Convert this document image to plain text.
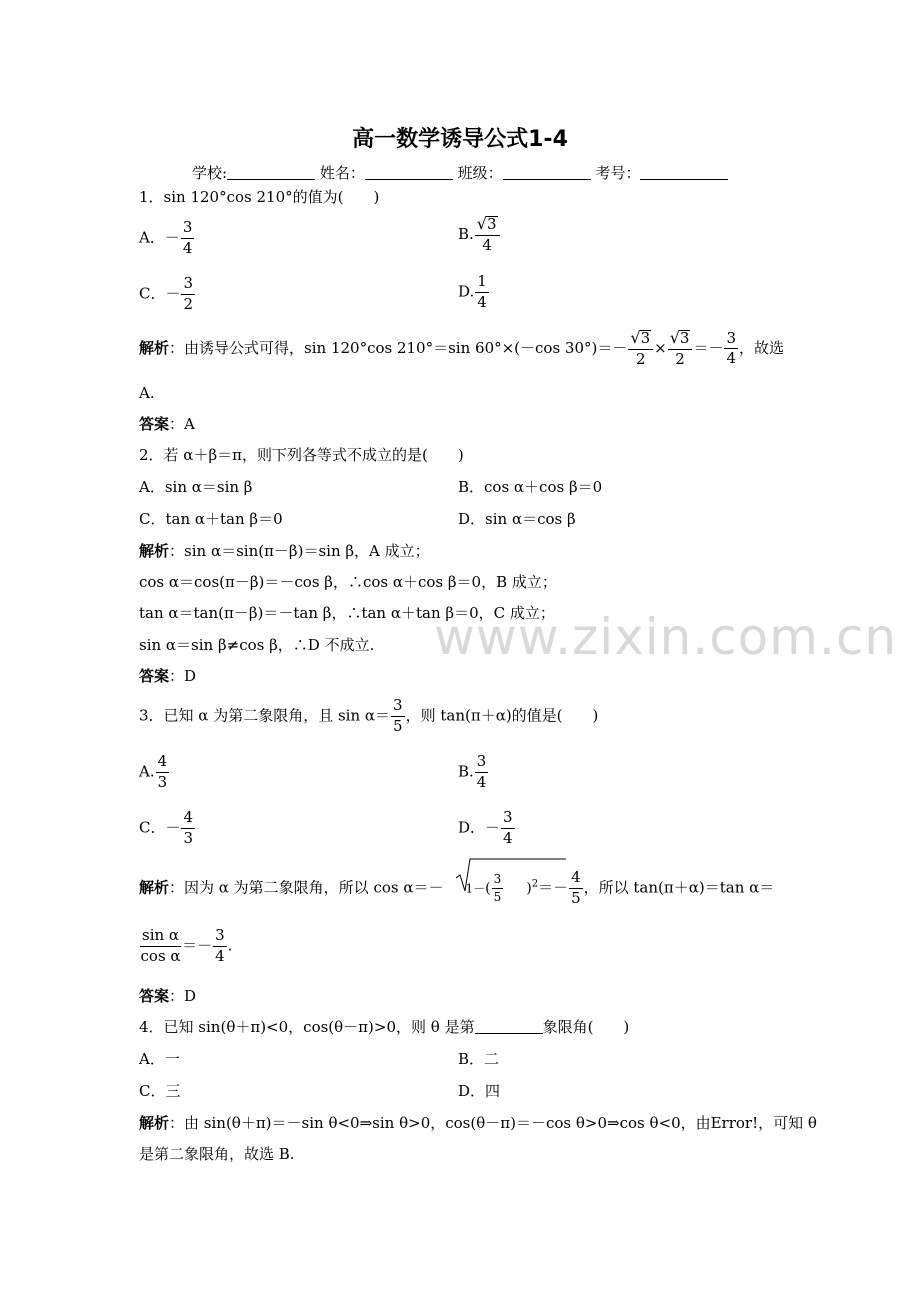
高一数学诱导公式1-4
学校:	姓名：	班级：	考号：
1．sin 120°cos 210°的值为(　　)
A．－ $\frac{3}{4}$	B. $\frac{√ 3}{4}$
C．－ $\frac{3}{2}$	D. $\frac{1}{4}$
解析：由诱导公式可得，sin 120°cos 210°＝sin 60°×(－cos $30^\circ)=- \frac{√ 3}{2} \times \frac{√ 3}{2} =- \frac{3}{4}$ ，故选
A.
答案：A
2．若 α＋β＝π，则下列各等式不成立的是(　　)
A．sin α＝sin β	B．cos α＋cos β＝0
C．tan α＋tan β＝0	D．sin α＝cos β
解析：sin α＝sin(π－β)＝sin β，A 成立；
cos α＝cos(π－β)＝－cos β，∴cos α＋cos β＝0，B 成立；
tan α＝tan(π－β)＝－tan β，∴tan α＋tan β＝0，C 成立；
sin α＝sin β≠cos β，∴D 不成立.
答案：D
www.zixin.com.cn
3．已知 α 为第二象限角，且 $\sin \alpha= \frac{3}{5}$ ，则 tan(π＋α)的值是(　　)
A. $\frac{4}{3}$	B. $\frac{3}{4}$
C．－ $\frac{4}{3}$	D．－ $\frac{3}{4}$
解析：因为 α 为第二象限角，所以 $\cos \alpha=- 1-( \frac{3}{5} )^2=- \frac{4}{5}$ ，所以 tan(π＋α)＝tan α＝
$\frac{\text{sin α}}{\text{cos α}} =- \frac{3}{4}$ .
答案：D
4．已知 sin(θ＋π)<0，cos(θ－π)>0，则 θ 是第	象限角(　　)
A．一	B．二
C．三	D．四
解析：由 sin(θ＋π)＝－sin θ<0⇒sin θ>0，cos(θ－π)＝－cos θ>0⇒cos θ<0，由Error!，可知 θ
是第二象限角，故选 B.
